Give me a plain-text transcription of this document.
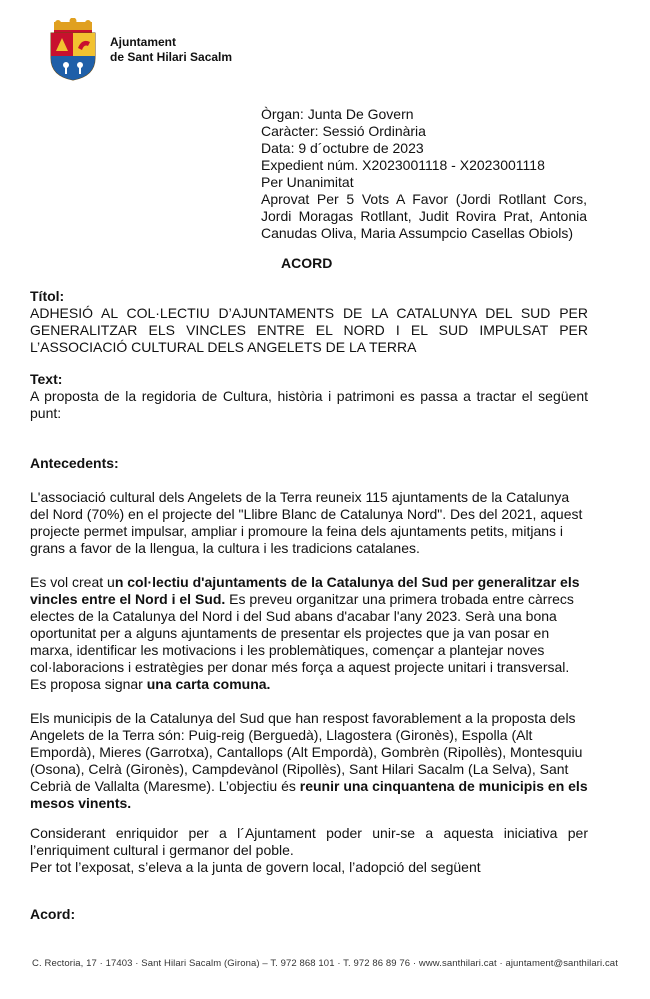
Ajuntament
de Sant Hilari Sacalm
Òrgan: Junta De Govern
Caràcter: Sessió Ordinària
Data: 9 d´octubre de 2023
Expedient núm. X2023001118 - X2023001118
Per Unanimitat
Aprovat Per 5 Vots A Favor (Jordi Rotllant Cors, Jordi Moragas Rotllant, Judit Rovira Prat, Antonia Canudas Oliva, Maria Assumpcio Casellas Obiols)
ACORD
Títol:
ADHESIÓ AL COL·LECTIU D’AJUNTAMENTS DE LA CATALUNYA DEL SUD PER GENERALITZAR ELS VINCLES ENTRE EL NORD I EL SUD IMPULSAT PER L’ASSOCIACIÓ CULTURAL DELS ANGELETS DE LA TERRA
Text:
A proposta de la regidoria de Cultura, història i patrimoni es passa a tractar el següent punt:
Antecedents:
L'associació cultural dels Angelets de la Terra reuneix 115 ajuntaments de la Catalunya del Nord (70%) en el projecte del "Llibre Blanc de Catalunya Nord". Des del 2021, aquest projecte permet impulsar, ampliar i promoure la feina dels ajuntaments petits, mitjans i grans a favor de la llengua, la cultura i les tradicions catalanes.
Es vol creat un col·lectiu d'ajuntaments de la Catalunya del Sud per generalitzar els vincles entre el Nord i el Sud. Es preveu organitzar una primera trobada entre càrrecs electes de la Catalunya del Nord i del Sud abans d'acabar l'any 2023. Serà una bona oportunitat per a alguns ajuntaments de presentar els projectes que ja van posar en marxa, identificar les motivacions i les problemàtiques, començar a plantejar noves col·laboracions i estratègies per donar més força a aquest projecte unitari i transversal. Es proposa signar una carta comuna.
Els municipis de la Catalunya del Sud que han respost favorablement a la proposta dels Angelets de la Terra són: Puig-reig (Berguedà), Llagostera (Gironès), Espolla (Alt Empordà), Mieres (Garrotxa), Cantallops (Alt Empordà), Gombrèn (Ripollès), Montesquiu (Osona), Celrà (Gironès), Campdevànol (Ripollès), Sant Hilari Sacalm (La Selva), Sant Cebrià de Vallalta (Maresme). L’objectiu és reunir una cinquantena de municipis en els mesos vinents.
Considerant enriquidor per a l´Ajuntament poder unir-se a aquesta iniciativa per l’enriquiment cultural i germanor del poble.
Per tot l’exposat, s’eleva a la junta de govern local, l’adopció del següent
Acord:
C. Rectoria, 17 · 17403 · Sant Hilari Sacalm (Girona) – T. 972 868 101 · T. 972 86 89 76 · www.santhilari.cat · ajuntament@santhilari.cat
